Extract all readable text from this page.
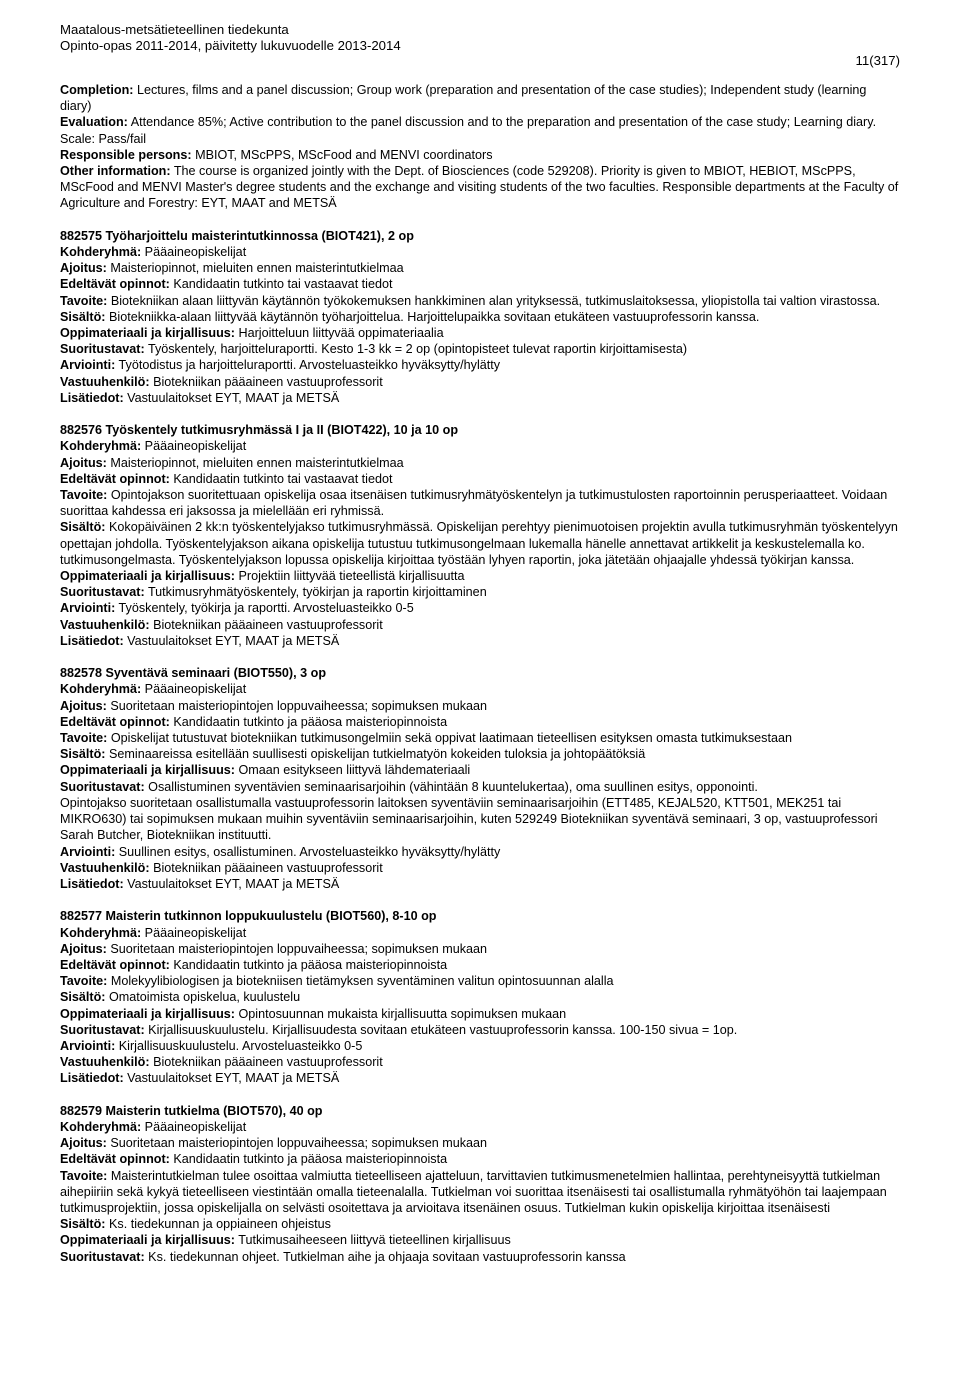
Maatalous-metsätieteellinen tiedekunta
Opinto-opas 2011-2014, päivitetty lukuvuodelle 2013-2014
11(317)

Completion: Lectures, films and a panel discussion; Group work (preparation and presentation of the case studies); Independent study (learning diary)

Evaluation: Attendance 85%; Active contribution to the panel discussion and to the preparation and presentation of the case study; Learning diary. Scale: Pass/fail

Responsible persons: MBIOT, MScPPS, MScFood and MENVI coordinators

Other information: The course is organized jointly with the Dept. of Biosciences (code 529208). Priority is given to MBIOT, HEBIOT, MScPPS, MScFood and MENVI Master's degree students and the exchange and visiting students of the two faculties. Responsible departments at the Faculty of Agriculture and Forestry: EYT, MAAT and METSÄ

882575 Työharjoittelu maisterintutkinnossa (BIOT421), 2 op

Kohderyhmä: Pääaineopiskelijat

Ajoitus: Maisteriopinnot, mieluiten ennen maisterintutkielmaa

Edeltävät opinnot: Kandidaatin tutkinto tai vastaavat tiedot

Tavoite: Biotekniikan alaan liittyvän käytännön työkokemuksen hankkiminen alan yrityksessä, tutkimuslaitoksessa, yliopistolla tai valtion virastossa.

Sisältö: Biotekniikka-alaan liittyvää käytännön työharjoittelua. Harjoittelupaikka sovitaan etukäteen vastuuprofessorin kanssa.

Oppimateriaali ja kirjallisuus: Harjoitteluun liittyvää oppimateriaalia

Suoritustavat: Työskentely, harjoitteluraportti. Kesto 1-3 kk = 2 op (opintopisteet tulevat raportin kirjoittamisesta)

Arviointi: Työtodistus ja harjoitteluraportti. Arvosteluasteikko hyväksytty/hylätty

Vastuuhenkilö: Biotekniikan pääaineen vastuuprofessorit

Lisätiedot: Vastuulaitokset EYT, MAAT ja METSÄ

882576 Työskentely tutkimusryhmässä I ja II (BIOT422), 10 ja 10 op

Kohderyhmä: Pääaineopiskelijat

Ajoitus: Maisteriopinnot, mieluiten ennen maisterintutkielmaa

Edeltävät opinnot: Kandidaatin tutkinto tai vastaavat tiedot

Tavoite: Opintojakson suoritettuaan opiskelija osaa itsenäisen tutkimusryhmätyöskentelyn ja tutkimustulosten raportoinnin perusperiaatteet. Voidaan suorittaa kahdessa eri jaksossa ja mielellään eri ryhmissä.

Sisältö: Kokopäiväinen 2 kk:n työskentelyjakso tutkimusryhmässä. Opiskelijan perehtyy pienimuotoisen projektin avulla tutkimusryhmän työskentelyyn opettajan johdolla. Työskentelyjakson aikana opiskelija tutustuu tutkimusongelmaan lukemalla hänelle annettavat artikkelit ja keskustelemalla ko. tutkimusongelmasta. Työskentelyjakson lopussa opiskelija kirjoittaa työstään lyhyen raportin, joka jätetään ohjaajalle yhdessä työkirjan kanssa.

Oppimateriaali ja kirjallisuus: Projektiin liittyvää tieteellistä kirjallisuutta

Suoritustavat: Tutkimusryhmätyöskentely, työkirjan ja raportin kirjoittaminen

Arviointi: Työskentely, työkirja ja raportti. Arvosteluasteikko 0-5

Vastuuhenkilö: Biotekniikan pääaineen vastuuprofessorit

Lisätiedot: Vastuulaitokset EYT, MAAT ja METSÄ

882578 Syventävä seminaari (BIOT550), 3 op

Kohderyhmä: Pääaineopiskelijat

Ajoitus: Suoritetaan maisteriopintojen loppuvaiheessa; sopimuksen mukaan

Edeltävät opinnot: Kandidaatin tutkinto ja pääosa maisteriopinnoista

Tavoite: Opiskelijat tutustuvat biotekniikan tutkimusongelmiin sekä oppivat laatimaan tieteellisen esityksen omasta tutkimuksestaan

Sisältö: Seminaareissa esitellään suullisesti opiskelijan tutkielmatyön kokeiden tuloksia ja johtopäätöksiä

Oppimateriaali ja kirjallisuus: Omaan esitykseen liittyvä lähdemateriaali

Suoritustavat: Osallistuminen syventävien seminaarisarjoihin (vähintään 8 kuuntelukertaa), oma suullinen esitys, opponointi.

Opintojakso suoritetaan osallistumalla vastuuprofessorin laitoksen syventäviin seminaarisarjoihin (ETT485, KEJAL520, KTT501, MEK251 tai MIKRO630) tai sopimuksen mukaan muihin syventäviin seminaarisarjoihin, kuten 529249 Biotekniikan syventävä seminaari, 3 op, vastuuprofessori Sarah Butcher, Biotekniikan instituutti.

Arviointi: Suullinen esitys, osallistuminen. Arvosteluasteikko hyväksytty/hylätty

Vastuuhenkilö: Biotekniikan pääaineen vastuuprofessorit

Lisätiedot: Vastuulaitokset EYT, MAAT ja METSÄ

882577 Maisterin tutkinnon loppukuulustelu (BIOT560), 8-10 op

Kohderyhmä: Pääaineopiskelijat

Ajoitus: Suoritetaan maisteriopintojen loppuvaiheessa; sopimuksen mukaan

Edeltävät opinnot: Kandidaatin tutkinto ja pääosa maisteriopinnoista

Tavoite: Molekyylibiologisen ja biotekniisen tietämyksen syventäminen valitun opintosuunnan alalla

Sisältö: Omatoimista opiskelua, kuulustelu

Oppimateriaali ja kirjallisuus: Opintosuunnan mukaista kirjallisuutta sopimuksen mukaan

Suoritustavat: Kirjallisuuskuulustelu. Kirjallisuudesta sovitaan etukäteen vastuuprofessorin kanssa. 100-150 sivua = 1op.

Arviointi: Kirjallisuuskuulustelu. Arvosteluasteikko 0-5

Vastuuhenkilö: Biotekniikan pääaineen vastuuprofessorit

Lisätiedot: Vastuulaitokset EYT, MAAT ja METSÄ

882579 Maisterin tutkielma (BIOT570), 40 op

Kohderyhmä: Pääaineopiskelijat

Ajoitus: Suoritetaan maisteriopintojen loppuvaiheessa; sopimuksen mukaan

Edeltävät opinnot: Kandidaatin tutkinto ja pääosa maisteriopinnoista

Tavoite: Maisterintutkielman tulee osoittaa valmiutta tieteelliseen ajatteluun, tarvittavien tutkimusmenetelmien hallintaa, perehtyneisyyttä tutkielman aihepiiriin sekä kykyä tieteelliseen viestintään omalla tieteenalalla. Tutkielman voi suorittaa itsenäisesti tai osallistumalla ryhmätyöhön tai laajempaan tutkimusprojektiin, jossa opiskelijalla on selvästi osoitettava ja arvioitava itsenäinen osuus. Tutkielman kukin opiskelija kirjoittaa itsenäisesti

Sisältö: Ks. tiedekunnan ja oppiaineen ohjeistus

Oppimateriaali ja kirjallisuus: Tutkimusaiheeseen liittyvä tieteellinen kirjallisuus

Suoritustavat: Ks. tiedekunnan ohjeet. Tutkielman aihe ja ohjaaja sovitaan vastuuprofessorin kanssa
